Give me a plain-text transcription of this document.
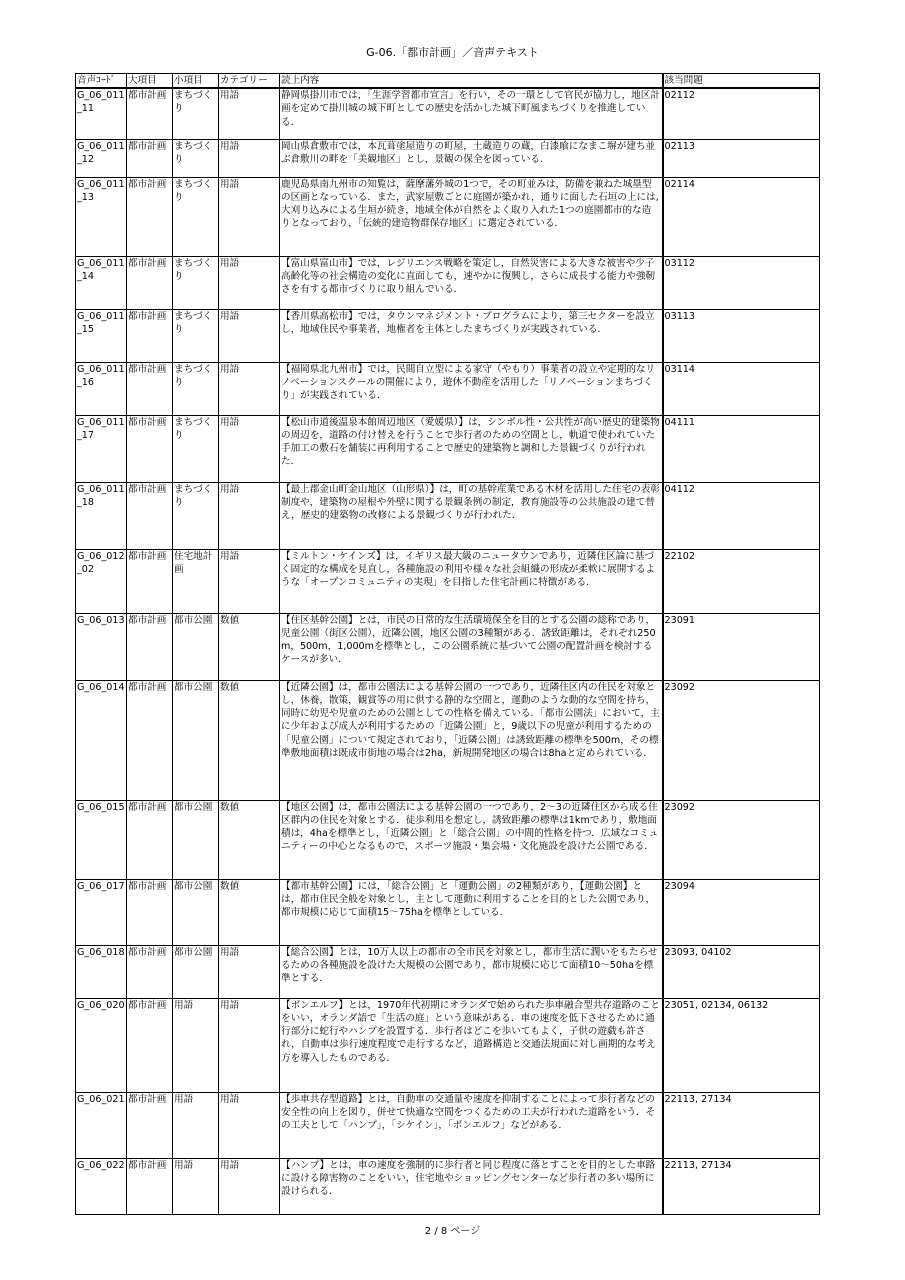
G-06.「都市計画」／音声テキスト
音声ｺｰﾄﾞ	大項目	小項目	カテゴリー	読上内容	該当問題
G_06_011_11	都市計画	まちづくり	用語	静岡県掛川市では，「生涯学習都市宣言」を行い，その一環として官民が協力し，地区計画を定めて掛川城の城下町としての歴史を活かした城下町風まちづくりを推進している．	02112
G_06_011_12	都市計画	まちづくり	用語	岡山県倉敷市では，本瓦葺塗屋造りの町屋，土蔵造りの蔵，白漆喰になまこ塀が建ち並ぶ倉敷川の畔を「美観地区」とし，景観の保全を図っている．	02113
G_06_011_13	都市計画	まちづくり	用語	鹿児島県南九州市の知覧は，薩摩藩外城の1つで，その町並みは，防備を兼ねた城塁型の区画となっている．また，武家屋敷ごとに庭園が築かれ，通りに面した石垣の上には,大刈り込みによる生垣が続き，地域全体が自然をよく取り入れた1つの庭園都市的な造りとなっており，「伝統的建造物群保存地区」に選定されている．	02114
G_06_011_14	都市計画	まちづくり	用語	【富山県富山市】では，レジリエンス戦略を策定し，自然災害による大きな被害や少子高齢化等の社会構造の変化に直面しても，速やかに復興し，さらに成長する能力や強靭さを有する都市づくりに取り組んでいる．	03112
G_06_011_15	都市計画	まちづくり	用語	【香川県高松市】では，タウンマネジメント・プログラムにより，第三セクターを設立し，地域住民や事業者，地権者を主体としたまちづくりが実践されている．	03113
G_06_011_16	都市計画	まちづくり	用語	【福岡県北九州市】では，民間自立型による家守（やもり）事業者の設立や定期的なリノベーションスクールの開催により，遊休不動産を活用した「リノベーションまちづくり」が実践されている．	03114
G_06_011_17	都市計画	まちづくり	用語	【松山市道後温泉本館周辺地区（愛媛県）】は，シンボル性・公共性が高い歴史的建築物の周辺を，道路の付け替えを行うことで歩行者のための空間とし，軌道で使われていた手加工の敷石を舗装に再利用することで歴史的建築物と調和した景観づくりが行われた．	04111
G_06_011_18	都市計画	まちづくり	用語	【最上郡金山町金山地区（山形県）】は，町の基幹産業である木材を活用した住宅の表彰制度や，建築物の屋根や外壁に関する景観条例の制定，教育施設等の公共施設の建て替え，歴史的建築物の改修による景観づくりが行われた．	04112
G_06_012_02	都市計画	住宅地計画	用語	【ミルトン・ケインズ】は，イギリス最大級のニュータウンであり，近隣住区論に基づく固定的な構成を見直し，各種施設の利用や様々な社会組織の形成が柔軟に展開するような「オープンコミュニティの実現」を目指した住宅計画に特徴がある．	22102
G_06_013	都市計画	都市公園	数値	【住区基幹公園】とは，市民の日常的な生活環境保全を目的とする公園の総称であり，児童公園（街区公園），近隣公園，地区公園の3種類がある．誘致距離は，それぞれ250m，500m，1,000mを標準とし，この公園系統に基づいて公園の配置計画を検討するケースが多い．	23091
G_06_014	都市計画	都市公園	数値	【近隣公園】は，都市公園法による基幹公園の一つであり，近隣住区内の住民を対象とし，休養，散策，観賞等の用に供する静的な空間と，運動のような動的な空間を持ち，同時に幼児や児童のための公園としての性格を備えている．「都市公園法」において，主に少年および成人が利用するための「近隣公園」と，9歳以下の児童が利用するための「児童公園」について規定されており，「近隣公園」は誘致距離の標準を500m，その標準敷地面積は既成市街地の場合は2ha，新規開発地区の場合は8haと定められている．	23092
G_06_015	都市計画	都市公園	数値	【地区公園】は，都市公園法による基幹公園の一つであり，2～3の近隣住区から成る住区群内の住民を対象とする．徒歩利用を想定し，誘致距離の標準は1kmであり，敷地面積は，4haを標準とし，「近隣公園」と「総合公園」の中間的性格を持つ．広域なコミュニティーの中心となるもので，スポーツ施設・集会場・文化施設を設けた公園である．	23092
G_06_017	都市計画	都市公園	数値	【都市基幹公園】には，「総合公園」と「運動公園」の2種類があり，【運動公園】とは，都市住民全般を対象とし，主として運動に利用することを目的とした公園であり，都市規模に応じて面積15～75haを標準としている．	23094
G_06_018	都市計画	都市公園	用語	【総合公園】とは，10万人以上の都市の全市民を対象とし，都市生活に潤いをもたらせるための各種施設を設けた大規模の公園であり，都市規模に応じて面積10～50haを標準とする．	23093, 04102
G_06_020	都市計画	用語	用語	【ボンエルフ】とは，1970年代初期にオランダで始められた歩車融合型共存道路のことをいい，オランダ語で「生活の庭」という意味がある．車の速度を低下させるために通行部分に蛇行やハンプを設置する．歩行者はどこを歩いてもよく，子供の遊戯も許され，自動車は歩行速度程度で走行するなど，道路構造と交通法規面に対し画期的な考え方を導入したものである．	23051, 02134, 06132
G_06_021	都市計画	用語	用語	【歩車共存型道路】とは，自動車の交通量や速度を抑制することによって歩行者などの安全性の向上を図り，併せて快適な空間をつくるための工夫が行われた道路をいう．その工夫として「ハンプ」，「シケイン」，「ボンエルフ」などがある．	22113, 27134
G_06_022	都市計画	用語	用語	【ハンプ】とは，車の速度を強制的に歩行者と同じ程度に落とすことを目的とした車路に設ける障害物のことをいい，住宅地やショッピングセンターなど歩行者の多い場所に設けられる．	22113, 27134
2 / 8 ページ
